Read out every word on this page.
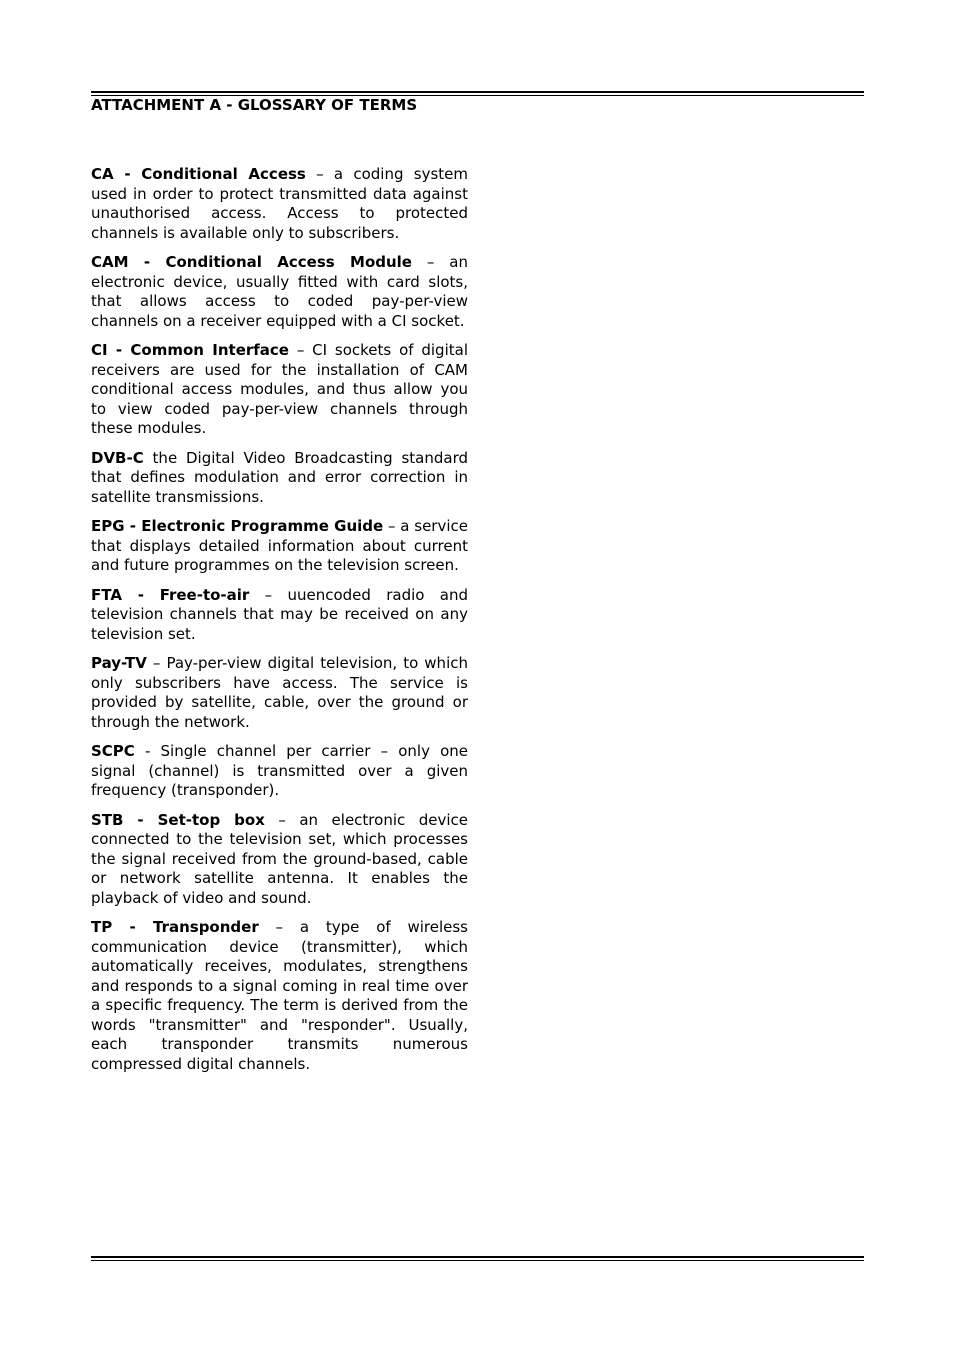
ATTACHMENT A - GLOSSARY OF TERMS

CA - Conditional Access – a coding system used in order to protect transmitted data against unauthorised access. Access to protected channels is available only to subscribers.

CAM - Conditional Access Module – an electronic device, usually fitted with card slots, that allows access to coded pay-per-view channels on a receiver equipped with a CI socket.

CI - Common Interface – CI sockets of digital receivers are used for the installation of CAM conditional access modules, and thus allow you to view coded pay-per-view channels through these modules.

DVB-C the Digital Video Broadcasting standard that defines modulation and error correction in satellite transmissions.

EPG - Electronic Programme Guide – a service that displays detailed information about current and future programmes on the television screen.

FTA - Free-to-air – uuencoded radio and television channels that may be received on any television set.

Pay-TV – Pay-per-view digital television, to which only subscribers have access. The service is provided by satellite, cable, over the ground or through the network.

SCPC - Single channel per carrier – only one signal (channel) is transmitted over a given frequency (transponder).

STB - Set-top box – an electronic device connected to the television set, which processes the signal received from the ground-based, cable or network satellite antenna. It enables the playback of video and sound.

TP - Transponder – a type of wireless communication device (transmitter), which automatically receives, modulates, strengthens and responds to a signal coming in real time over a specific frequency. The term is derived from the words "transmitter" and "responder". Usually, each transponder transmits numerous compressed digital channels.
